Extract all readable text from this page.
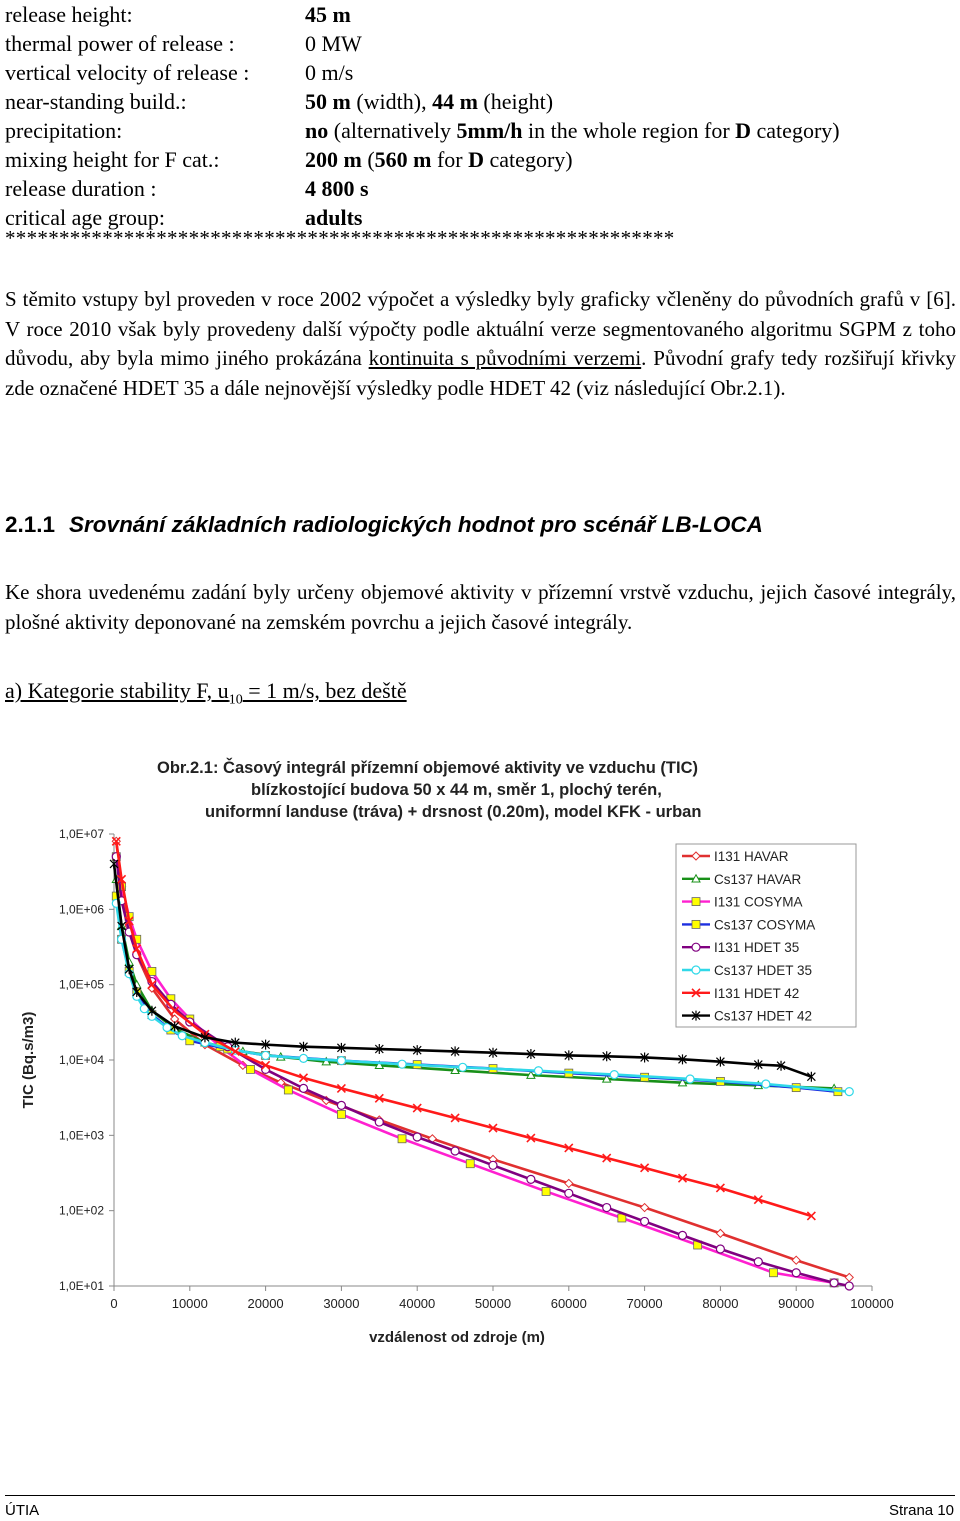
release height:	45 m
thermal power of release :	0 MW
vertical velocity of release :	0 m/s
near-standing build.:	50 m (width), 44 m (height)
precipitation:	no (alternatively 5mm/h in the whole region for D category)
mixing height for F cat.:	200 m (560 m for D category)
release duration :	4 800 s
critical age group:	adults
**************************************************************
S těmito vstupy byl proveden v roce 2002 výpočet a výsledky byly graficky včleněny do původních grafů v [6]. V roce 2010 však byly provedeny další výpočty podle aktuální verze segmentovaného algoritmu SGPM z toho důvodu, aby byla mimo jiného prokázána kontinuita s původními verzemi. Původní grafy tedy rozšiřují křivky zde označené HDET 35 a dále nejnovější výsledky podle HDET 42 (viz následující Obr.2.1).
2.1.1 Srovnání základních radiologických hodnot pro scénář LB-LOCA
Ke shora uvedenému zadání byly určeny objemové aktivity v přízemní vrstvě vzduchu, jejich časové integrály, plošné aktivity deponované na zemském povrchu a jejich časové integrály.
a) Kategorie stability F, $u_{10} = 1$ m/s, bez deště
Obr.2.1: Časový integrál přízemní objemové aktivity ve vzduchu (TIC)
blízkostojící budova 50 x 44 m, směr 1, plochý terén,
uniformní landuse (tráva) + drsnost (0.20m), model KFK - urban
1,0E+01
1,0E+02
1,0E+03
1,0E+04
1,0E+05
1,0E+06
1,0E+07
0	10000	20000	30000	40000	50000	60000	70000	80000	90000	100000
vzdálenost od zdroje (m)
TIC (Bq.s/m3)
I131 HAVAR
Cs137 HAVAR
I131 COSYMA
Cs137 COSYMA
I131 HDET 35
Cs137 HDET 35
I131 HDET 42
Cs137 HDET 42
ÚTIA	Strana 10
